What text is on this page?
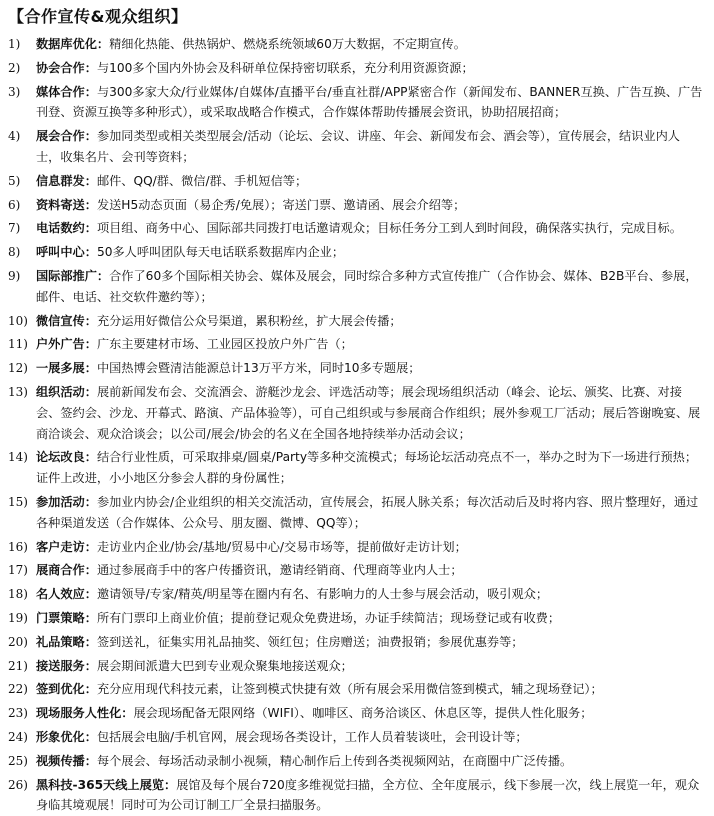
【合作宣传&观众组织】
1)	数据库优化：精细化热能、供热锅炉、燃烧系统领域60万大数据，不定期宣传。
2)	协会合作：与100多个国内外协会及科研单位保持密切联系，充分利用资源资源；
3)	媒体合作：与300多家大众/行业媒体/自媒体/直播平台/垂直社群/APP紧密合作（新闻发布、BANNER互换、广告互换、广告刊登、资源互换等多种形式），或采取战略合作模式，合作媒体帮助传播展会资讯，协助招展招商；
4)	展会合作：参加同类型或相关类型展会/活动（论坛、会议、讲座、年会、新闻发布会、酒会等），宣传展会，结识业内人士，收集名片、会刊等资料；
5)	信息群发：邮件、QQ/群、微信/群、手机短信等；
6)	资料寄送：发送H5动态页面（易企秀/免展）；寄送门票、邀请函、展会介绍等；
7)	电话数约：项目组、商务中心、国际部共同拨打电话邀请观众；目标任务分工到人到时间段，确保落实执行，完成目标。
8)	呼叫中心：50多人呼叫团队每天电话联系数据库内企业；
9)	国际部推广：合作了60多个国际相关协会、媒体及展会，同时综合多种方式宣传推广（合作协会、媒体、B2B平台、参展，邮件、电话、社交软件邀约等）；
10) 微信宣传：充分运用好微信公众号渠道，累积粉丝，扩大展会传播；
11) 户外广告：广东主要建材市场、工业园区投放户外广告（；
12) 一展多展：中国热博会暨清洁能源总计13万平方米，同时10多专题展；
13) 组织活动：展前新闻发布会、交流酒会、游艇沙龙会、评选活动等；展会现场组织活动（峰会、论坛、颁奖、比赛、对接会、签约会、沙龙、开幕式、路演、产品体验等），可自己组织或与参展商合作组织；展外参观工厂活动；展后答谢晚宴、展商洽谈会、观众洽谈会；以公司/展会/协会的名义在全国各地持续举办活动会议；
14) 论坛改良：结合行业性质，可采取排桌/圆桌/Party等多种交流模式；每场论坛活动亮点不一，举办之时为下一场进行预热；证件上改进，小小地区分参会人群的身份属性；
15) 参加活动：参加业内协会/企业组织的相关交流活动，宣传展会，拓展人脉关系；每次活动后及时将内容、照片整理好，通过各种渠道发送（合作媒体、公众号、朋友圈、微博、QQ等）；
16) 客户走访：走访业内企业/协会/基地/贸易中心/交易市场等，提前做好走访计划；
17) 展商合作：通过参展商手中的客户传播资讯，邀请经销商、代理商等业内人士；
18) 名人效应：邀请领导/专家/精英/明星等在圈内有名、有影响力的人士参与展会活动，吸引观众；
19) 门票策略：所有门票印上商业价值；提前登记观众免费进场，办证手续简洁；现场登记或有收费；
20) 礼品策略：签到送礼，征集实用礼品抽奖、领红包；住房赠送；油费报销；参展优惠券等；
21) 接送服务：展会期间派遣大巴到专业观众聚集地接送观众；
22) 签到优化：充分应用现代科技元素，让签到模式快捷有效（所有展会采用微信签到模式，辅之现场登记）；
23) 现场服务人性化：展会现场配备无限网络（WIFI）、咖啡区、商务洽谈区、休息区等，提供人性化服务；
24) 形象优化：包括展会电脑/手机官网，展会现场各类设计，工作人员着装谈吐，会刊设计等；
25) 视频传播：每个展会、每场活动录制小视频，精心制作后上传到各类视频网站，在商圈中广泛传播。
26) 黑科技-365天线上展览：展馆及每个展台720度多维视觉扫描，全方位、全年度展示，线下参展一次，线上展览一年，观众身临其境观展！同时可为公司订制工厂全景扫描服务。
